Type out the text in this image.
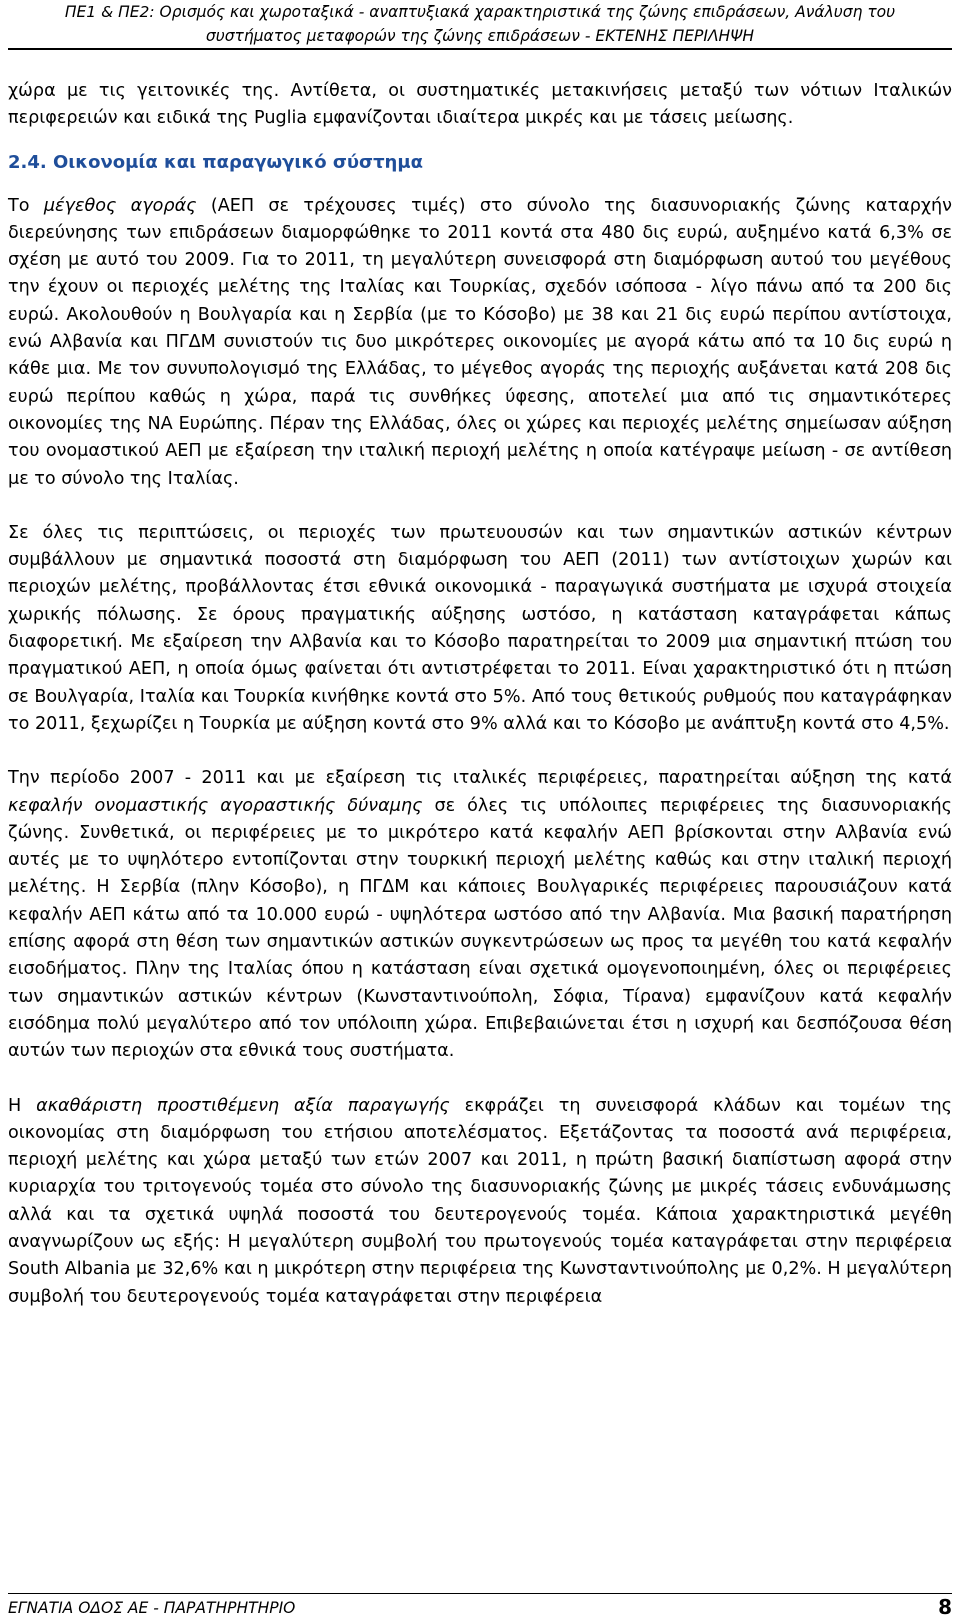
ΠΕ1 & ΠΕ2: Ορισμός και χωροταξικά - αναπτυξιακά χαρακτηριστικά της ζώνης επιδράσεων, Ανάλυση του
συστήματος μεταφορών της ζώνης επιδράσεων - ΕΚΤΕΝΗΣ ΠΕΡΙΛΗΨΗ

χώρα με τις γειτονικές της. Αντίθετα, οι συστηματικές μετακινήσεις μεταξύ των νότιων Ιταλικών περιφερειών και ειδικά της Puglia εμφανίζονται ιδιαίτερα μικρές και με τάσεις μείωσης.

2.4. Οικονομία και παραγωγικό σύστημα

Το μέγεθος αγοράς (ΑΕΠ σε τρέχουσες τιμές) στο σύνολο της διασυνοριακής ζώνης καταρχήν διερεύνησης των επιδράσεων διαμορφώθηκε το 2011 κοντά στα 480 δις ευρώ, αυξημένο κατά 6,3% σε σχέση με αυτό του 2009. Για το 2011, τη μεγαλύτερη συνεισφορά στη διαμόρφωση αυτού του μεγέθους την έχουν οι περιοχές μελέτης της Ιταλίας και Τουρκίας, σχεδόν ισόποσα - λίγο πάνω από τα 200 δις ευρώ. Ακολουθούν η Βουλγαρία και η Σερβία (με το Κόσοβο) με 38 και 21 δις ευρώ περίπου αντίστοιχα, ενώ Αλβανία και ΠΓΔΜ συνιστούν τις δυο μικρότερες οικονομίες με αγορά κάτω από τα 10 δις ευρώ η κάθε μια. Με τον συνυπολογισμό της Ελλάδας, το μέγεθος αγοράς της περιοχής αυξάνεται κατά 208 δις ευρώ περίπου καθώς η χώρα, παρά τις συνθήκες ύφεσης, αποτελεί μια από τις σημαντικότερες οικονομίες της ΝΑ Ευρώπης. Πέραν της Ελλάδας, όλες οι χώρες και περιοχές μελέτης σημείωσαν αύξηση του ονομαστικού ΑΕΠ με εξαίρεση την ιταλική περιοχή μελέτης η οποία κατέγραψε μείωση - σε αντίθεση με το σύνολο της Ιταλίας.

Σε όλες τις περιπτώσεις, οι περιοχές των πρωτευουσών και των σημαντικών αστικών κέντρων συμβάλλουν με σημαντικά ποσοστά στη διαμόρφωση του ΑΕΠ (2011) των αντίστοιχων χωρών και περιοχών μελέτης, προβάλλοντας έτσι εθνικά οικονομικά - παραγωγικά συστήματα με ισχυρά στοιχεία χωρικής πόλωσης. Σε όρους πραγματικής αύξησης ωστόσο, η κατάσταση καταγράφεται κάπως διαφορετική. Με εξαίρεση την Αλβανία και το Κόσοβο παρατηρείται το 2009 μια σημαντική πτώση του πραγματικού ΑΕΠ, η οποία όμως φαίνεται ότι αντιστρέφεται το 2011. Είναι χαρακτηριστικό ότι η πτώση σε Βουλγαρία, Ιταλία και Τουρκία κινήθηκε κοντά στο 5%. Από τους θετικούς ρυθμούς που καταγράφηκαν το 2011, ξεχωρίζει η Τουρκία με αύξηση κοντά στο 9% αλλά και το Κόσοβο με ανάπτυξη κοντά στο 4,5%.

Την περίοδο 2007 - 2011 και με εξαίρεση τις ιταλικές περιφέρειες, παρατηρείται αύξηση της κατά κεφαλήν ονομαστικής αγοραστικής δύναμης σε όλες τις υπόλοιπες περιφέρειες της διασυνοριακής ζώνης. Συνθετικά, οι περιφέρειες με το μικρότερο κατά κεφαλήν ΑΕΠ βρίσκονται στην Αλβανία ενώ αυτές με το υψηλότερο εντοπίζονται στην τουρκική περιοχή μελέτης καθώς και στην ιταλική περιοχή μελέτης. Η Σερβία (πλην Κόσοβο), η ΠΓΔΜ και κάποιες Βουλγαρικές περιφέρειες παρουσιάζουν κατά κεφαλήν ΑΕΠ κάτω από τα 10.000 ευρώ - υψηλότερα ωστόσο από την Αλβανία. Μια βασική παρατήρηση επίσης αφορά στη θέση των σημαντικών αστικών συγκεντρώσεων ως προς τα μεγέθη του κατά κεφαλήν εισοδήματος. Πλην της Ιταλίας όπου η κατάσταση είναι σχετικά ομογενοποιημένη, όλες οι περιφέρειες των σημαντικών αστικών κέντρων (Κωνσταντινούπολη, Σόφια, Τίρανα) εμφανίζουν κατά κεφαλήν εισόδημα πολύ μεγαλύτερο από τον υπόλοιπη χώρα. Επιβεβαιώνεται έτσι η ισχυρή και δεσπόζουσα θέση αυτών των περιοχών στα εθνικά τους συστήματα.

Η ακαθάριστη προστιθέμενη αξία παραγωγής εκφράζει τη συνεισφορά κλάδων και τομέων της οικονομίας στη διαμόρφωση του ετήσιου αποτελέσματος. Εξετάζοντας τα ποσοστά ανά περιφέρεια, περιοχή μελέτης και χώρα μεταξύ των ετών 2007 και 2011, η πρώτη βασική διαπίστωση αφορά στην κυριαρχία του τριτογενούς τομέα στο σύνολο της διασυνοριακής ζώνης με μικρές τάσεις ενδυνάμωσης αλλά και τα σχετικά υψηλά ποσοστά του δευτερογενούς τομέα. Κάποια χαρακτηριστικά μεγέθη αναγνωρίζουν ως εξής: Η μεγαλύτερη συμβολή του πρωτογενούς τομέα καταγράφεται στην περιφέρεια South Albania με 32,6% και η μικρότερη στην περιφέρεια της Κωνσταντινούπολης με 0,2%. Η μεγαλύτερη συμβολή του δευτερογενούς τομέα καταγράφεται στην περιφέρεια

ΕΓΝΑΤΙΑ ΟΔΟΣ ΑΕ - ΠΑΡΑΤΗΡΗΤΗΡΙΟ	8
